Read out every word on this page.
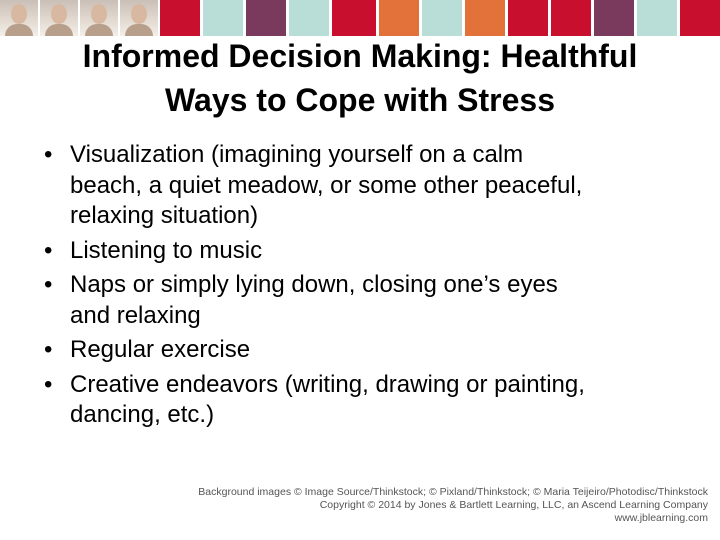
Informed Decision Making: Healthful
Ways to Cope with Stress
• Visualization (imagining yourself on a calm
beach, a quiet meadow, or some other peaceful,
relaxing situation)
• Listening to music
• Naps or simply lying down, closing one’s eyes
and relaxing
• Regular exercise
• Creative endeavors (writing, drawing or painting,
dancing, etc.)
Background images © Image Source/Thinkstock; © Pixland/Thinkstock; © Maria Teijeiro/Photodisc/Thinkstock
Copyright © 2014 by Jones & Bartlett Learning, LLC, an Ascend Learning Company
www.jblearning.com
